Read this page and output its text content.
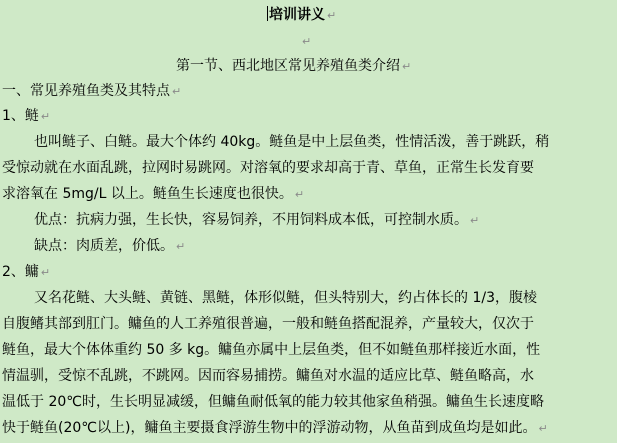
培训讲义 ↵
↵
第一节、西北地区常见养殖鱼类介绍 ↵
一、常见养殖鱼类及其特点 ↵
1、鲢 ↵
也叫鲢子、白鲢。最大个体约 40kg。鲢鱼是中上层鱼类，性情活泼，善于跳跃，稍
受惊动就在水面乱跳，拉网时易跳网。对溶氧的要求却高于青、草鱼，正常生长发育要
求溶氧在 5mg/L 以上。鲢鱼生长速度也很快。 ↵
优点：抗病力强，生长快，容易饲养，不用饲料成本低，可控制水质。 ↵
缺点：肉质差，价低。 ↵
2、鳙 ↵
又名花鲢、大头鲢、黄链、黑鲢，体形似鲢，但头特别大，约占体长的 1/3，腹棱
自腹鳍其部到肛门。鳙鱼的人工养殖很普遍，一般和鲢鱼搭配混养，产量较大，仅次于
鲢鱼，最大个体体重约 50 多 kg。鳙鱼亦属中上层鱼类，但不如鲢鱼那样接近水面，性
情温驯，受惊不乱跳，不跳网。因而容易捕捞。鳙鱼对水温的适应比草、鲢鱼略高，水
温低于 20℃时，生长明显减缓，但鳙鱼耐低氧的能力较其他家鱼稍强。鳙鱼生长速度略
快于鲢鱼(20℃以上)，鳙鱼主要摄食浮游生物中的浮游动物，从鱼苗到成鱼均是如此。 ↵
